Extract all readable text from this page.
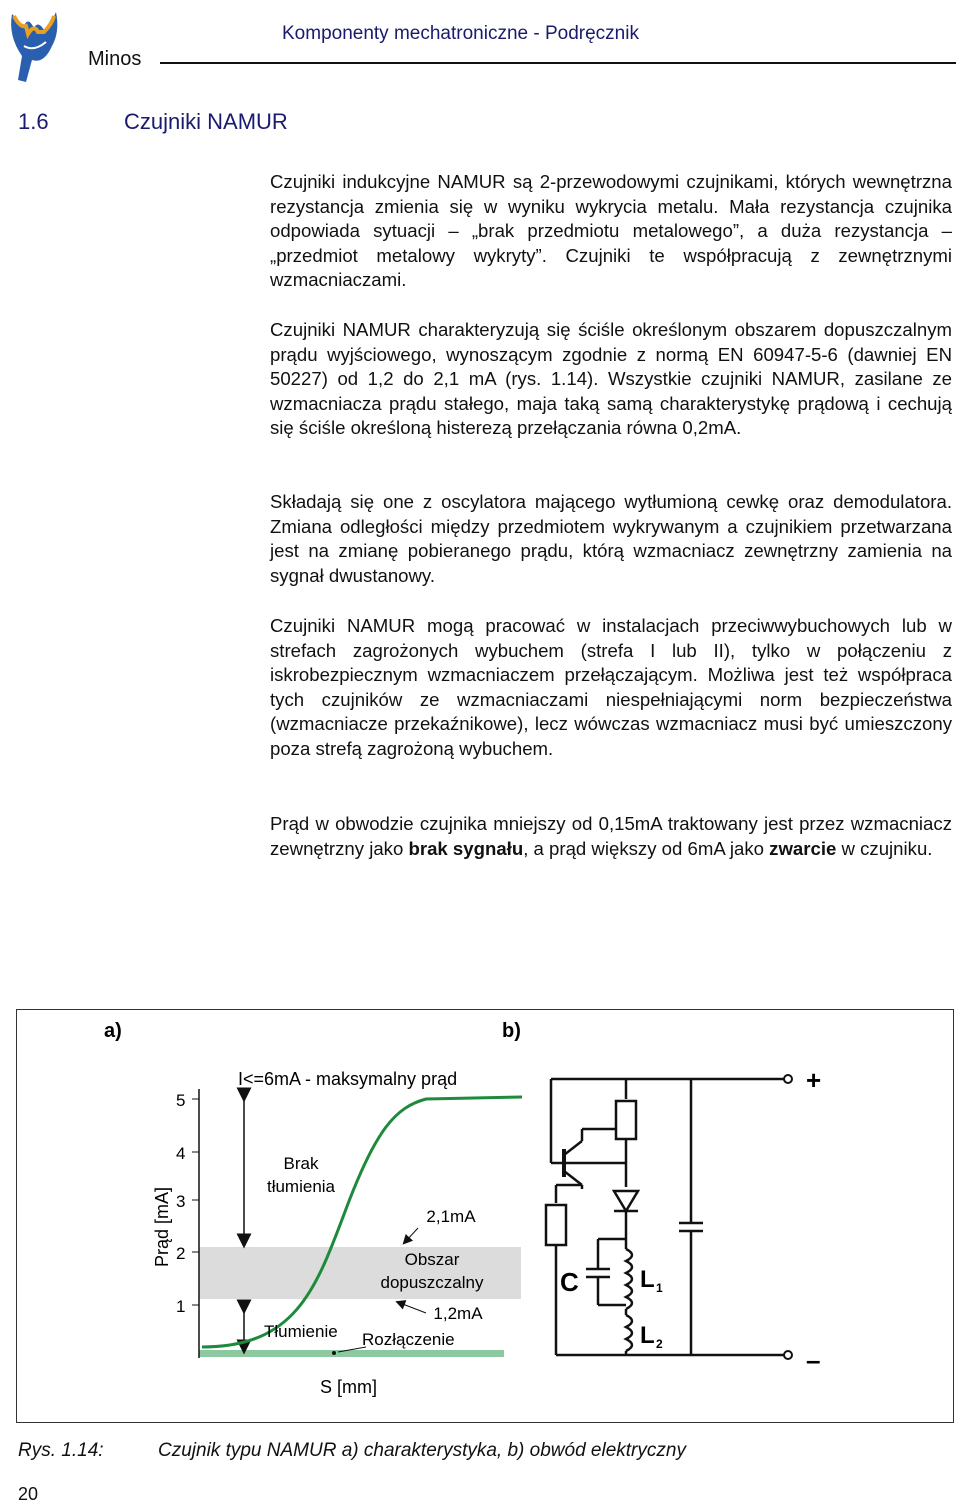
Minos
Komponenty mechatroniczne - Podręcznik
1.6	Czujniki NAMUR
Czujniki indukcyjne NAMUR są 2-przewodowymi czujnikami, których wewnętrzna rezystancja zmienia się w wyniku wykrycia metalu. Mała rezystancja czujnika odpowiada sytuacji – „brak przedmiotu metalowego”, a duża rezystancja – „przedmiot metalowy wykryty”. Czujniki te współpracują z zewnętrznymi wzmacniaczami.
Czujniki NAMUR charakteryzują się ściśle określonym obszarem dopuszczalnym prądu wyjściowego, wynoszącym zgodnie z normą EN 60947-5-6 (dawniej EN 50227) od 1,2 do 2,1 mA (rys. 1.14). Wszystkie czujniki NAMUR, zasilane ze wzmacniacza prądu stałego, maja taką samą charakterystykę prądową i cechują się ściśle określoną histerezą przełączania równa 0,2mA.
Składają się one z oscylatora mającego wytłumioną cewkę oraz demodulatora. Zmiana odległości między przedmiotem wykrywanym a czujnikiem przetwarzana jest na zmianę pobieranego prądu, którą wzmacniacz zewnętrzny zamienia na sygnał dwustanowy.
Czujniki NAMUR mogą pracować w instalacjach przeciwwybuchowych lub w strefach zagrożonych wybuchem (strefa I lub II), tylko w połączeniu z iskrobezpiecznym wzmacniaczem przełączającym. Możliwa jest też współpraca tych czujników ze wzmacniaczami niespełniającymi norm bezpieczeństwa (wzmacniacze przekaźnikowe), lecz wówczas wzmacniacz musi być umieszczony poza strefą zagrożoną wybuchem.
Prąd w obwodzie czujnika mniejszy od 0,15mA traktowany jest przez wzmacniacz zewnętrzny jako brak sygnału, a prąd większy od 6mA jako zwarcie w czujniku.
a)	b)
5
4
3
2
1
Prąd [mA]
I<=6mA - maksymalny prąd
Brak
tłumienia
2,1mA
Obszar
dopuszczalny
1,2mA
Tłumienie Rozłączenie
S [mm]
+
–
C	L 1
L 2
Rys. 1.14:	Czujnik typu NAMUR a) charakterystyka, b) obwód elektryczny
20
